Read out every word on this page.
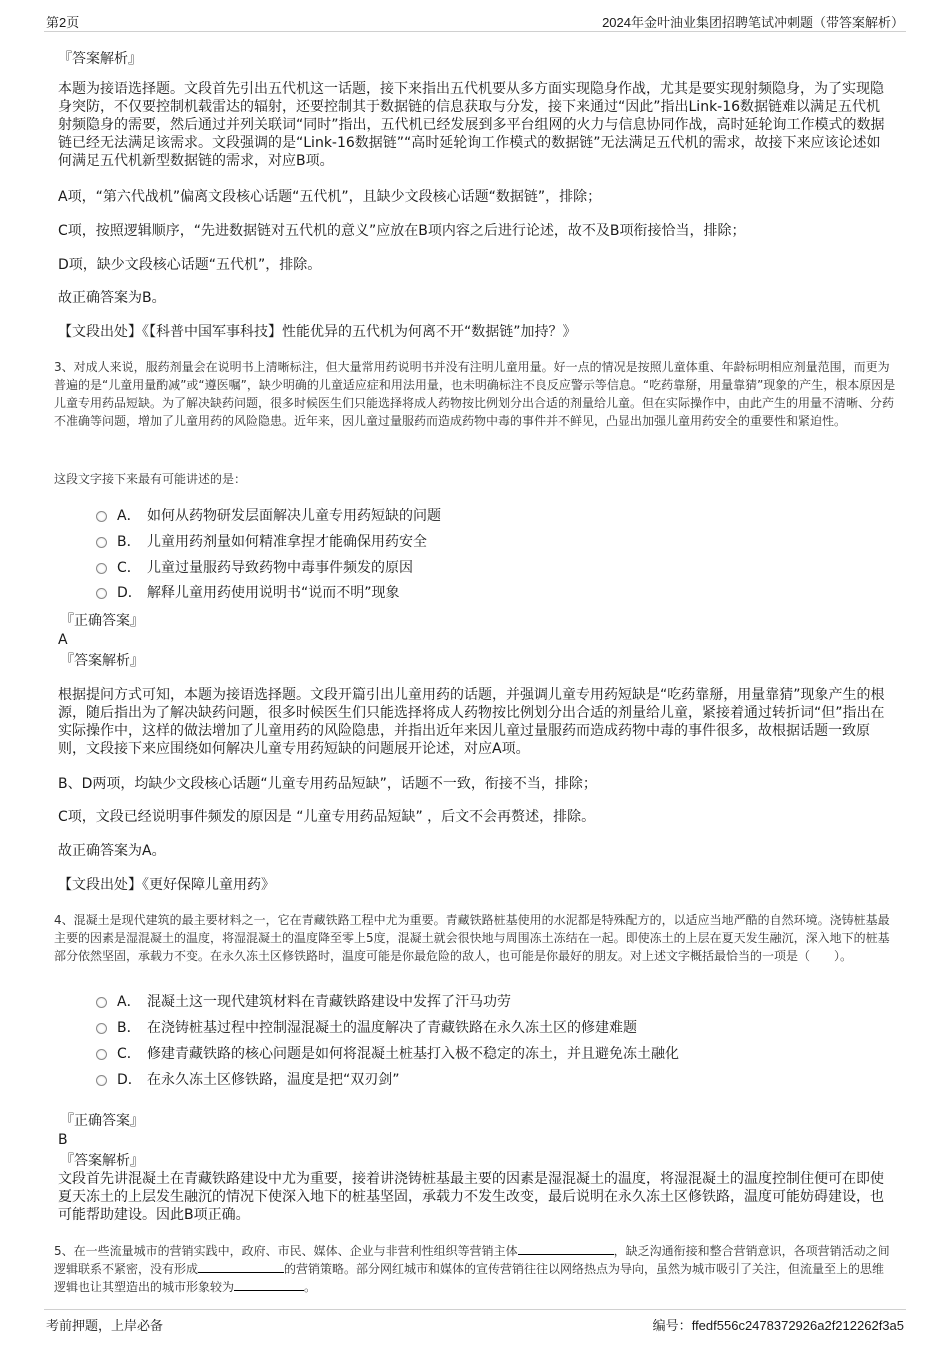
第2页	2024年金叶油业集团招聘笔试冲刺题（带答案解析）
『答案解析』
本题为接语选择题。文段首先引出五代机这一话题，接下来指出五代机要从多方面实现隐身作战，尤其是要实现射频隐身，为了实现隐身突防，不仅要控制机载雷达的辐射，还要控制其于数据链的信息获取与分发，接下来通过“因此”指出Link-16数据链难以满足五代机射频隐身的需要，然后通过并列关联词“同时”指出，五代机已经发展到多平台组网的火力与信息协同作战，高时延轮询工作模式的数据链已经无法满足该需求。文段强调的是“Link-16数据链”“高时延轮询工作模式的数据链”无法满足五代机的需求，故接下来应该论述如何满足五代机新型数据链的需求，对应B项。
A项，“第六代战机”偏离文段核心话题“五代机”，且缺少文段核心话题“数据链”，排除；
C项，按照逻辑顺序，“先进数据链对五代机的意义”应放在B项内容之后进行论述，故不及B项衔接恰当，排除；
D项，缺少文段核心话题“五代机”，排除。
故正确答案为B。
【文段出处】《【科普中国军事科技】性能优异的五代机为何离不开“数据链”加持？》
3、对成人来说，服药剂量会在说明书上清晰标注，但大量常用药说明书并没有注明儿童用量。好一点的情况是按照儿童体重、年龄标明相应剂量范围，而更为普遍的是“儿童用量酌减”或“遵医嘱”，缺少明确的儿童适应症和用法用量，也未明确标注不良反应警示等信息。“吃药靠掰，用量靠猜”现象的产生，根本原因是儿童专用药品短缺。为了解决缺药问题，很多时候医生们只能选择将成人药物按比例划分出合适的剂量给儿童。但在实际操作中，由此产生的用量不清晰、分药不准确等问题，增加了儿童用药的风险隐患。近年来，因儿童过量服药而造成药物中毒的事件并不鲜见，凸显出加强儿童用药安全的重要性和紧迫性。
这段文字接下来最有可能讲述的是：
A． 如何从药物研发层面解决儿童专用药短缺的问题
B． 儿童用药剂量如何精准拿捏才能确保用药安全
C． 儿童过量服药导致药物中毒事件频发的原因
D． 解释儿童用药使用说明书“说而不明”现象
『正确答案』
A
『答案解析』
根据提问方式可知，本题为接语选择题。文段开篇引出儿童用药的话题，并强调儿童专用药短缺是“吃药靠掰，用量靠猜”现象产生的根源，随后指出为了解决缺药问题，很多时候医生们只能选择将成人药物按比例划分出合适的剂量给儿童，紧接着通过转折词“但”指出在实际操作中，这样的做法增加了儿童用药的风险隐患，并指出近年来因儿童过量服药而造成药物中毒的事件很多，故根据话题一致原则，文段接下来应围绕如何解决儿童专用药短缺的问题展开论述，对应A项。
B、D两项，均缺少文段核心话题“儿童专用药品短缺”，话题不一致，衔接不当，排除；
C项，文段已经说明事件频发的原因是 “儿童专用药品短缺” ，后文不会再赘述，排除。
故正确答案为A。
【文段出处】《更好保障儿童用药》
4、混凝土是现代建筑的最主要材料之一，它在青藏铁路工程中尤为重要。青藏铁路桩基使用的水泥都是特殊配方的，以适应当地严酷的自然环境。浇铸桩基最主要的因素是湿混凝土的温度，将湿混凝土的温度降至零上5度，混凝土就会很快地与周围冻土冻结在一起。即使冻土的上层在夏天发生融沉，深入地下的桩基部分依然坚固，承载力不变。在永久冻土区修铁路时，温度可能是你最危险的敌人，也可能是你最好的朋友。对上述文字概括最恰当的一项是（　　）。
A． 混凝土这一现代建筑材料在青藏铁路建设中发挥了汗马功劳
B． 在浇铸桩基过程中控制湿混凝土的温度解决了青藏铁路在永久冻土区的修建难题
C． 修建青藏铁路的核心问题是如何将混凝土桩基打入极不稳定的冻土，并且避免冻土融化
D． 在永久冻土区修铁路，温度是把“双刃剑”
『正确答案』
B
『答案解析』
文段首先讲混凝土在青藏铁路建设中尤为重要，接着讲浇铸桩基最主要的因素是湿混凝土的温度，将湿混凝土的温度控制住便可在即使夏天冻土的上层发生融沉的情况下使深入地下的桩基坚固，承载力不发生改变，最后说明在永久冻土区修铁路，温度可能妨碍建设，也可能帮助建设。因此B项正确。
5、在一些流量城市的营销实践中，政府、市民、媒体、企业与非营利性组织等营销主体	，缺乏沟通衔接和整合营销意识，各项营销活动之间逻辑联系不紧密，没有形成	的营销策略。部分网红城市和媒体的宣传营销往往以网络热点为导向，虽然为城市吸引了关注，但流量至上的思维逻辑也让其塑造出的城市形象较为	。
考前押题，上岸必备	编号：ffedf556c2478372926a2f212262f3a5
